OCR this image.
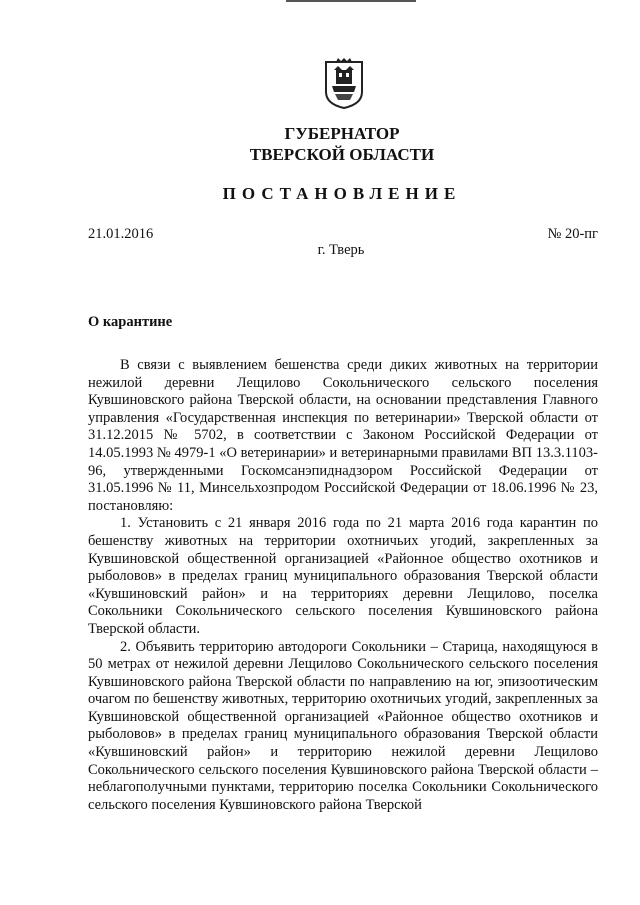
ГУБЕРНАТОР
ТВЕРСКОЙ ОБЛАСТИ
ПОСТАНОВЛЕНИЕ
21.01.2016	№ 20-пг
г. Тверь
О карантине

В связи с выявлением бешенства среди диких животных на территории нежилой деревни Лещилово Сокольнического сельского поселения Кувшиновского района Тверской области, на основании представления Главного управления «Государственная инспекция по ветеринарии» Тверской области от 31.12.2015 № 5702, в соответствии с Законом Российской Федерации от 14.05.1993 № 4979-1 «О ветеринарии» и ветеринарными правилами ВП 13.3.1103-96, утвержденными Госкомсанэпиднадзором Российской Федерации от 31.05.1996 № 11, Минсельхозпродом Российской Федерации от 18.06.1996 № 23, постановляю:

1. Установить с 21 января 2016 года по 21 марта 2016 года карантин по бешенству животных на территории охотничьих угодий, закрепленных за Кувшиновской общественной организацией «Районное общество охотников и рыболовов» в пределах границ муниципального образования Тверской области «Кувшиновский район» и на территориях деревни Лещилово, поселка Сокольники Сокольнического сельского поселения Кувшиновского района Тверской области.

2. Объявить территорию автодороги Сокольники – Старица, находящуюся в 50 метрах от нежилой деревни Лещилово Сокольнического сельского поселения Кувшиновского района Тверской области по направлению на юг, эпизоотическим очагом по бешенству животных, территорию охотничьих угодий, закрепленных за Кувшиновской общественной организацией «Районное общество охотников и рыболовов» в пределах границ муниципального образования Тверской области «Кувшиновский район» и территорию нежилой деревни Лещилово Сокольнического сельского поселения Кувшиновского района Тверской области – неблагополучными пунктами, территорию поселка Сокольники Сокольнического сельского поселения Кувшиновского района Тверской
